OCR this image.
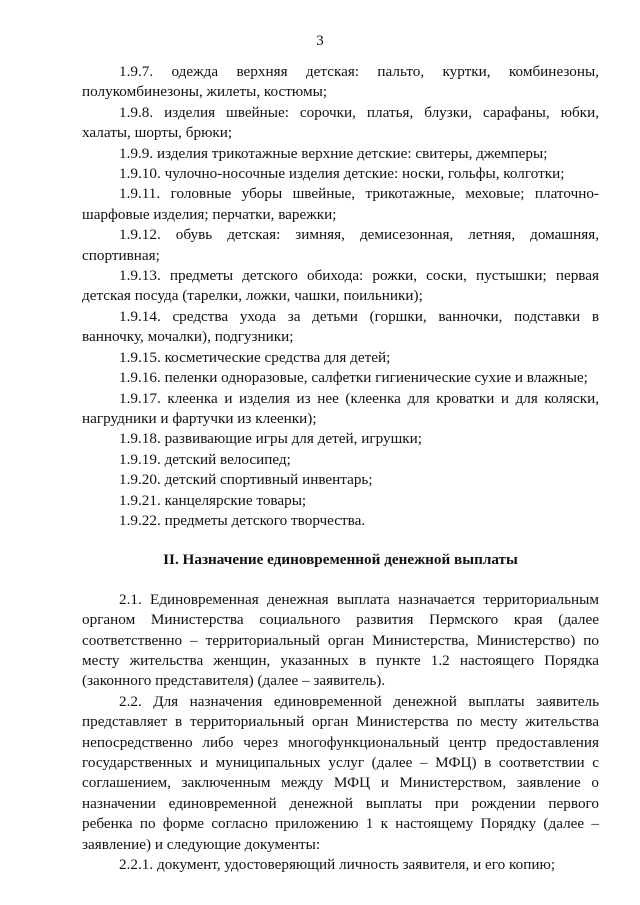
3

1.9.7. одежда верхняя детская: пальто, куртки, комбинезоны, полукомбинезоны, жилеты, костюмы;

1.9.8. изделия швейные: сорочки, платья, блузки, сарафаны, юбки, халаты, шорты, брюки;

1.9.9. изделия трикотажные верхние детские: свитеры, джемперы;

1.9.10. чулочно-носочные изделия детские: носки, гольфы, колготки;

1.9.11. головные уборы швейные, трикотажные, меховые; платочно-шарфовые изделия; перчатки, варежки;

1.9.12. обувь детская: зимняя, демисезонная, летняя, домашняя, спортивная;

1.9.13. предметы детского обихода: рожки, соски, пустышки; первая детская посуда (тарелки, ложки, чашки, поильники);

1.9.14. средства ухода за детьми (горшки, ванночки, подставки в ванночку, мочалки), подгузники;

1.9.15. косметические средства для детей;

1.9.16. пеленки одноразовые, салфетки гигиенические сухие и влажные;

1.9.17. клеенка и изделия из нее (клеенка для кроватки и для коляски, нагрудники и фартучки из клеенки);

1.9.18. развивающие игры для детей, игрушки;

1.9.19. детский велосипед;

1.9.20. детский спортивный инвентарь;

1.9.21. канцелярские товары;

1.9.22. предметы детского творчества.

II. Назначение единовременной денежной выплаты

2.1. Единовременная денежная выплата назначается территориальным органом Министерства социального развития Пермского края (далее соответственно – территориальный орган Министерства, Министерство) по месту жительства женщин, указанных в пункте 1.2 настоящего Порядка (законного представителя) (далее – заявитель).

2.2. Для назначения единовременной денежной выплаты заявитель представляет в территориальный орган Министерства по месту жительства непосредственно либо через многофункциональный центр предоставления государственных и муниципальных услуг (далее – МФЦ) в соответствии с соглашением, заключенным между МФЦ и Министерством, заявление о назначении единовременной денежной выплаты при рождении первого ребенка по форме согласно приложению 1 к настоящему Порядку (далее – заявление) и следующие документы:

2.2.1. документ, удостоверяющий личность заявителя, и его копию;
